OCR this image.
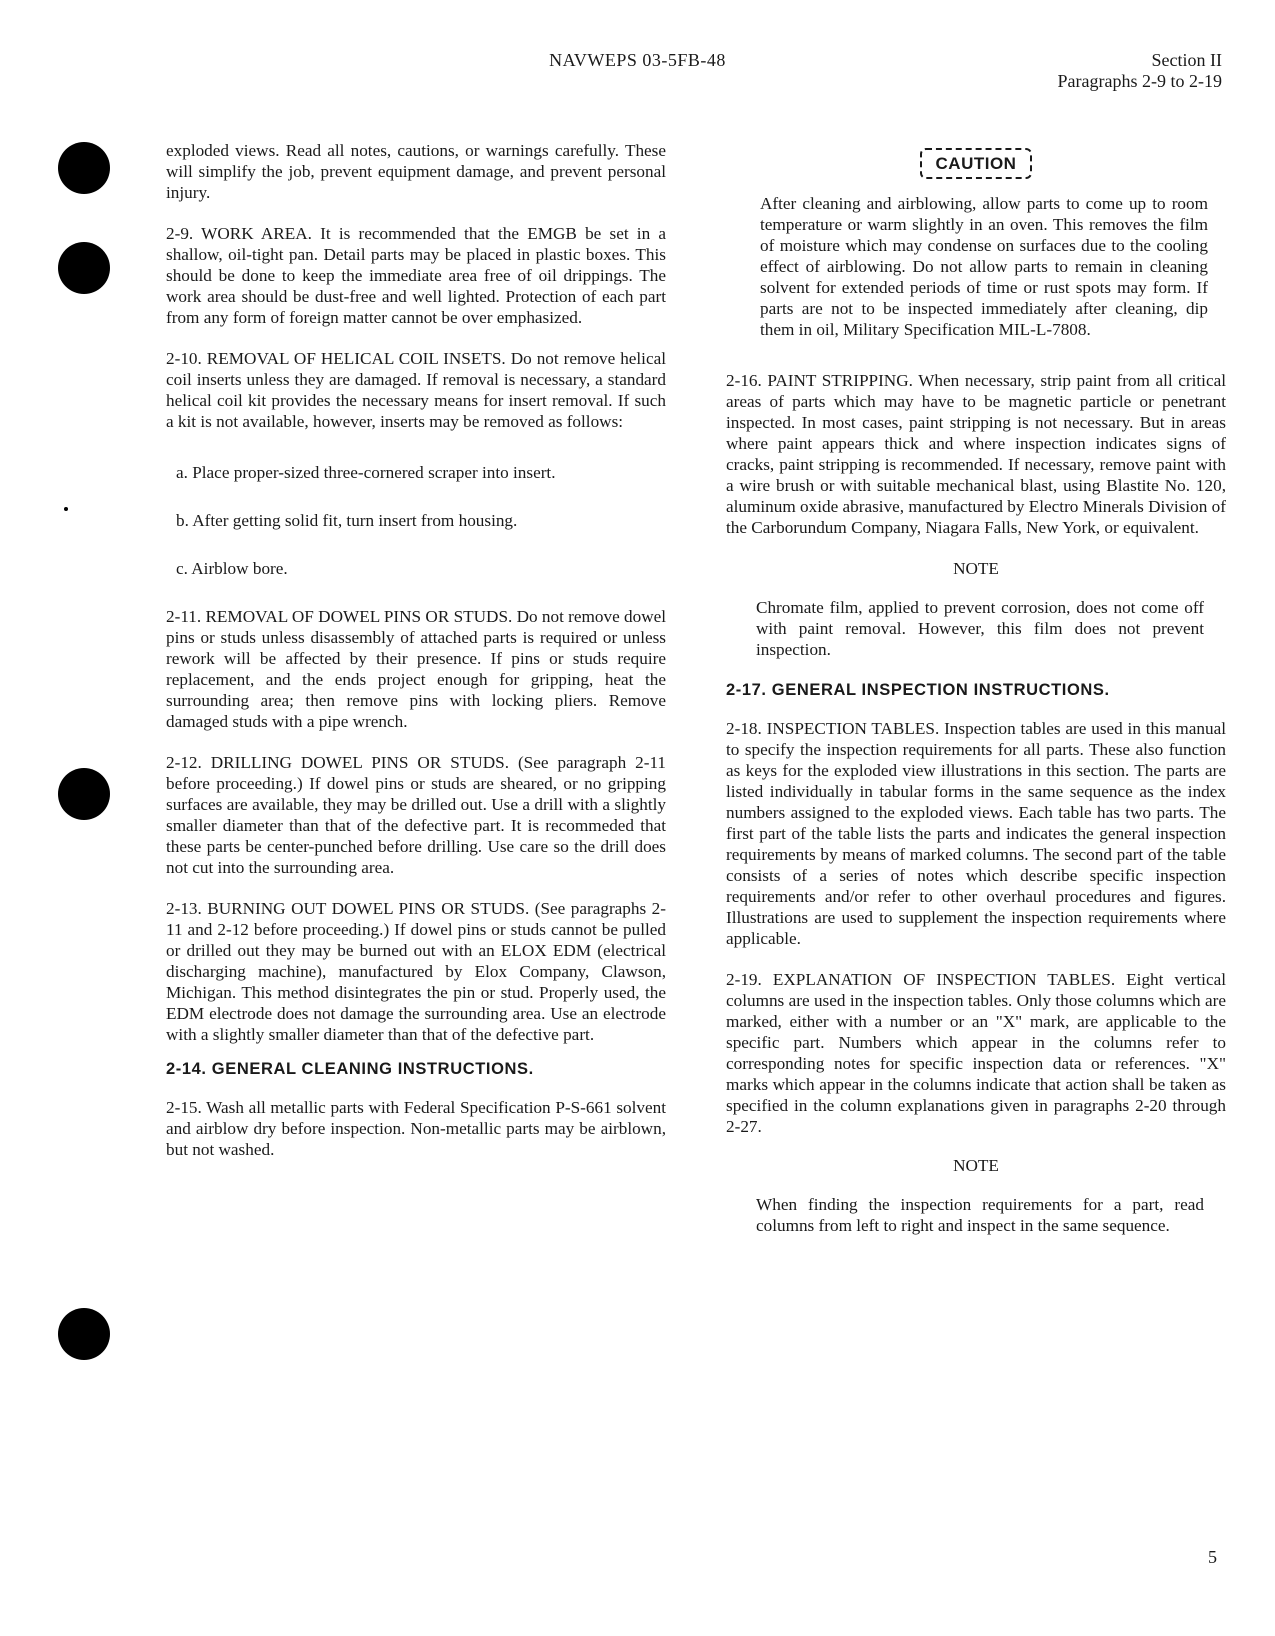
NAVWEPS 03-5FB-48	Section II
Paragraphs 2-9 to 2-19

exploded views. Read all notes, cautions, or warnings carefully. These will simplify the job, prevent equipment damage, and prevent personal injury.

2-9. WORK AREA. It is recommended that the EMGB be set in a shallow, oil-tight pan. Detail parts may be placed in plastic boxes. This should be done to keep the immediate area free of oil drippings. The work area should be dust-free and well lighted. Protection of each part from any form of foreign matter cannot be over emphasized.

2-10. REMOVAL OF HELICAL COIL INSETS. Do not remove helical coil inserts unless they are damaged. If removal is necessary, a standard helical coil kit provides the necessary means for insert removal. If such a kit is not available, however, inserts may be removed as follows:

a. Place proper-sized three-cornered scraper into insert.

b. After getting solid fit, turn insert from housing.

c. Airblow bore.

2-11. REMOVAL OF DOWEL PINS OR STUDS. Do not remove dowel pins or studs unless disassembly of attached parts is required or unless rework will be affected by their presence. If pins or studs require replacement, and the ends project enough for gripping, heat the surrounding area; then remove pins with locking pliers. Remove damaged studs with a pipe wrench.

2-12. DRILLING DOWEL PINS OR STUDS. (See paragraph 2-11 before proceeding.) If dowel pins or studs are sheared, or no gripping surfaces are available, they may be drilled out. Use a drill with a slightly smaller diameter than that of the defective part. It is recommeded that these parts be center-punched before drilling. Use care so the drill does not cut into the surrounding area.

2-13. BURNING OUT DOWEL PINS OR STUDS. (See paragraphs 2-11 and 2-12 before proceeding.) If dowel pins or studs cannot be pulled or drilled out they may be burned out with an ELOX EDM (electrical discharging machine), manufactured by Elox Company, Clawson, Michigan. This method disintegrates the pin or stud. Properly used, the EDM electrode does not damage the surrounding area. Use an electrode with a slightly smaller diameter than that of the defective part.

2-14. GENERAL CLEANING INSTRUCTIONS.

2-15. Wash all metallic parts with Federal Specification P-S-661 solvent and airblow dry before inspection. Non-metallic parts may be airblown, but not washed.

CAUTION

After cleaning and airblowing, allow parts to come up to room temperature or warm slightly in an oven. This removes the film of moisture which may condense on surfaces due to the cooling effect of airblowing. Do not allow parts to remain in cleaning solvent for extended periods of time or rust spots may form. If parts are not to be inspected immediately after cleaning, dip them in oil, Military Specification MIL-L-7808.

2-16. PAINT STRIPPING. When necessary, strip paint from all critical areas of parts which may have to be magnetic particle or penetrant inspected. In most cases, paint stripping is not necessary. But in areas where paint appears thick and where inspection indicates signs of cracks, paint stripping is recommended. If necessary, remove paint with a wire brush or with suitable mechanical blast, using Blastite No. 120, aluminum oxide abrasive, manufactured by Electro Minerals Division of the Carborundum Company, Niagara Falls, New York, or equivalent.

NOTE

Chromate film, applied to prevent corrosion, does not come off with paint removal. However, this film does not prevent inspection.

2-17. GENERAL INSPECTION INSTRUCTIONS.

2-18. INSPECTION TABLES. Inspection tables are used in this manual to specify the inspection requirements for all parts. These also function as keys for the exploded view illustrations in this section. The parts are listed individually in tabular forms in the same sequence as the index numbers assigned to the exploded views. Each table has two parts. The first part of the table lists the parts and indicates the general inspection requirements by means of marked columns. The second part of the table consists of a series of notes which describe specific inspection requirements and/or refer to other overhaul procedures and figures. Illustrations are used to supplement the inspection requirements where applicable.

2-19. EXPLANATION OF INSPECTION TABLES. Eight vertical columns are used in the inspection tables. Only those columns which are marked, either with a number or an "X" mark, are applicable to the specific part. Numbers which appear in the columns refer to corresponding notes for specific inspection data or references. "X" marks which appear in the columns indicate that action shall be taken as specified in the column explanations given in paragraphs 2-20 through 2-27.

NOTE

When finding the inspection requirements for a part, read columns from left to right and inspect in the same sequence.

5
